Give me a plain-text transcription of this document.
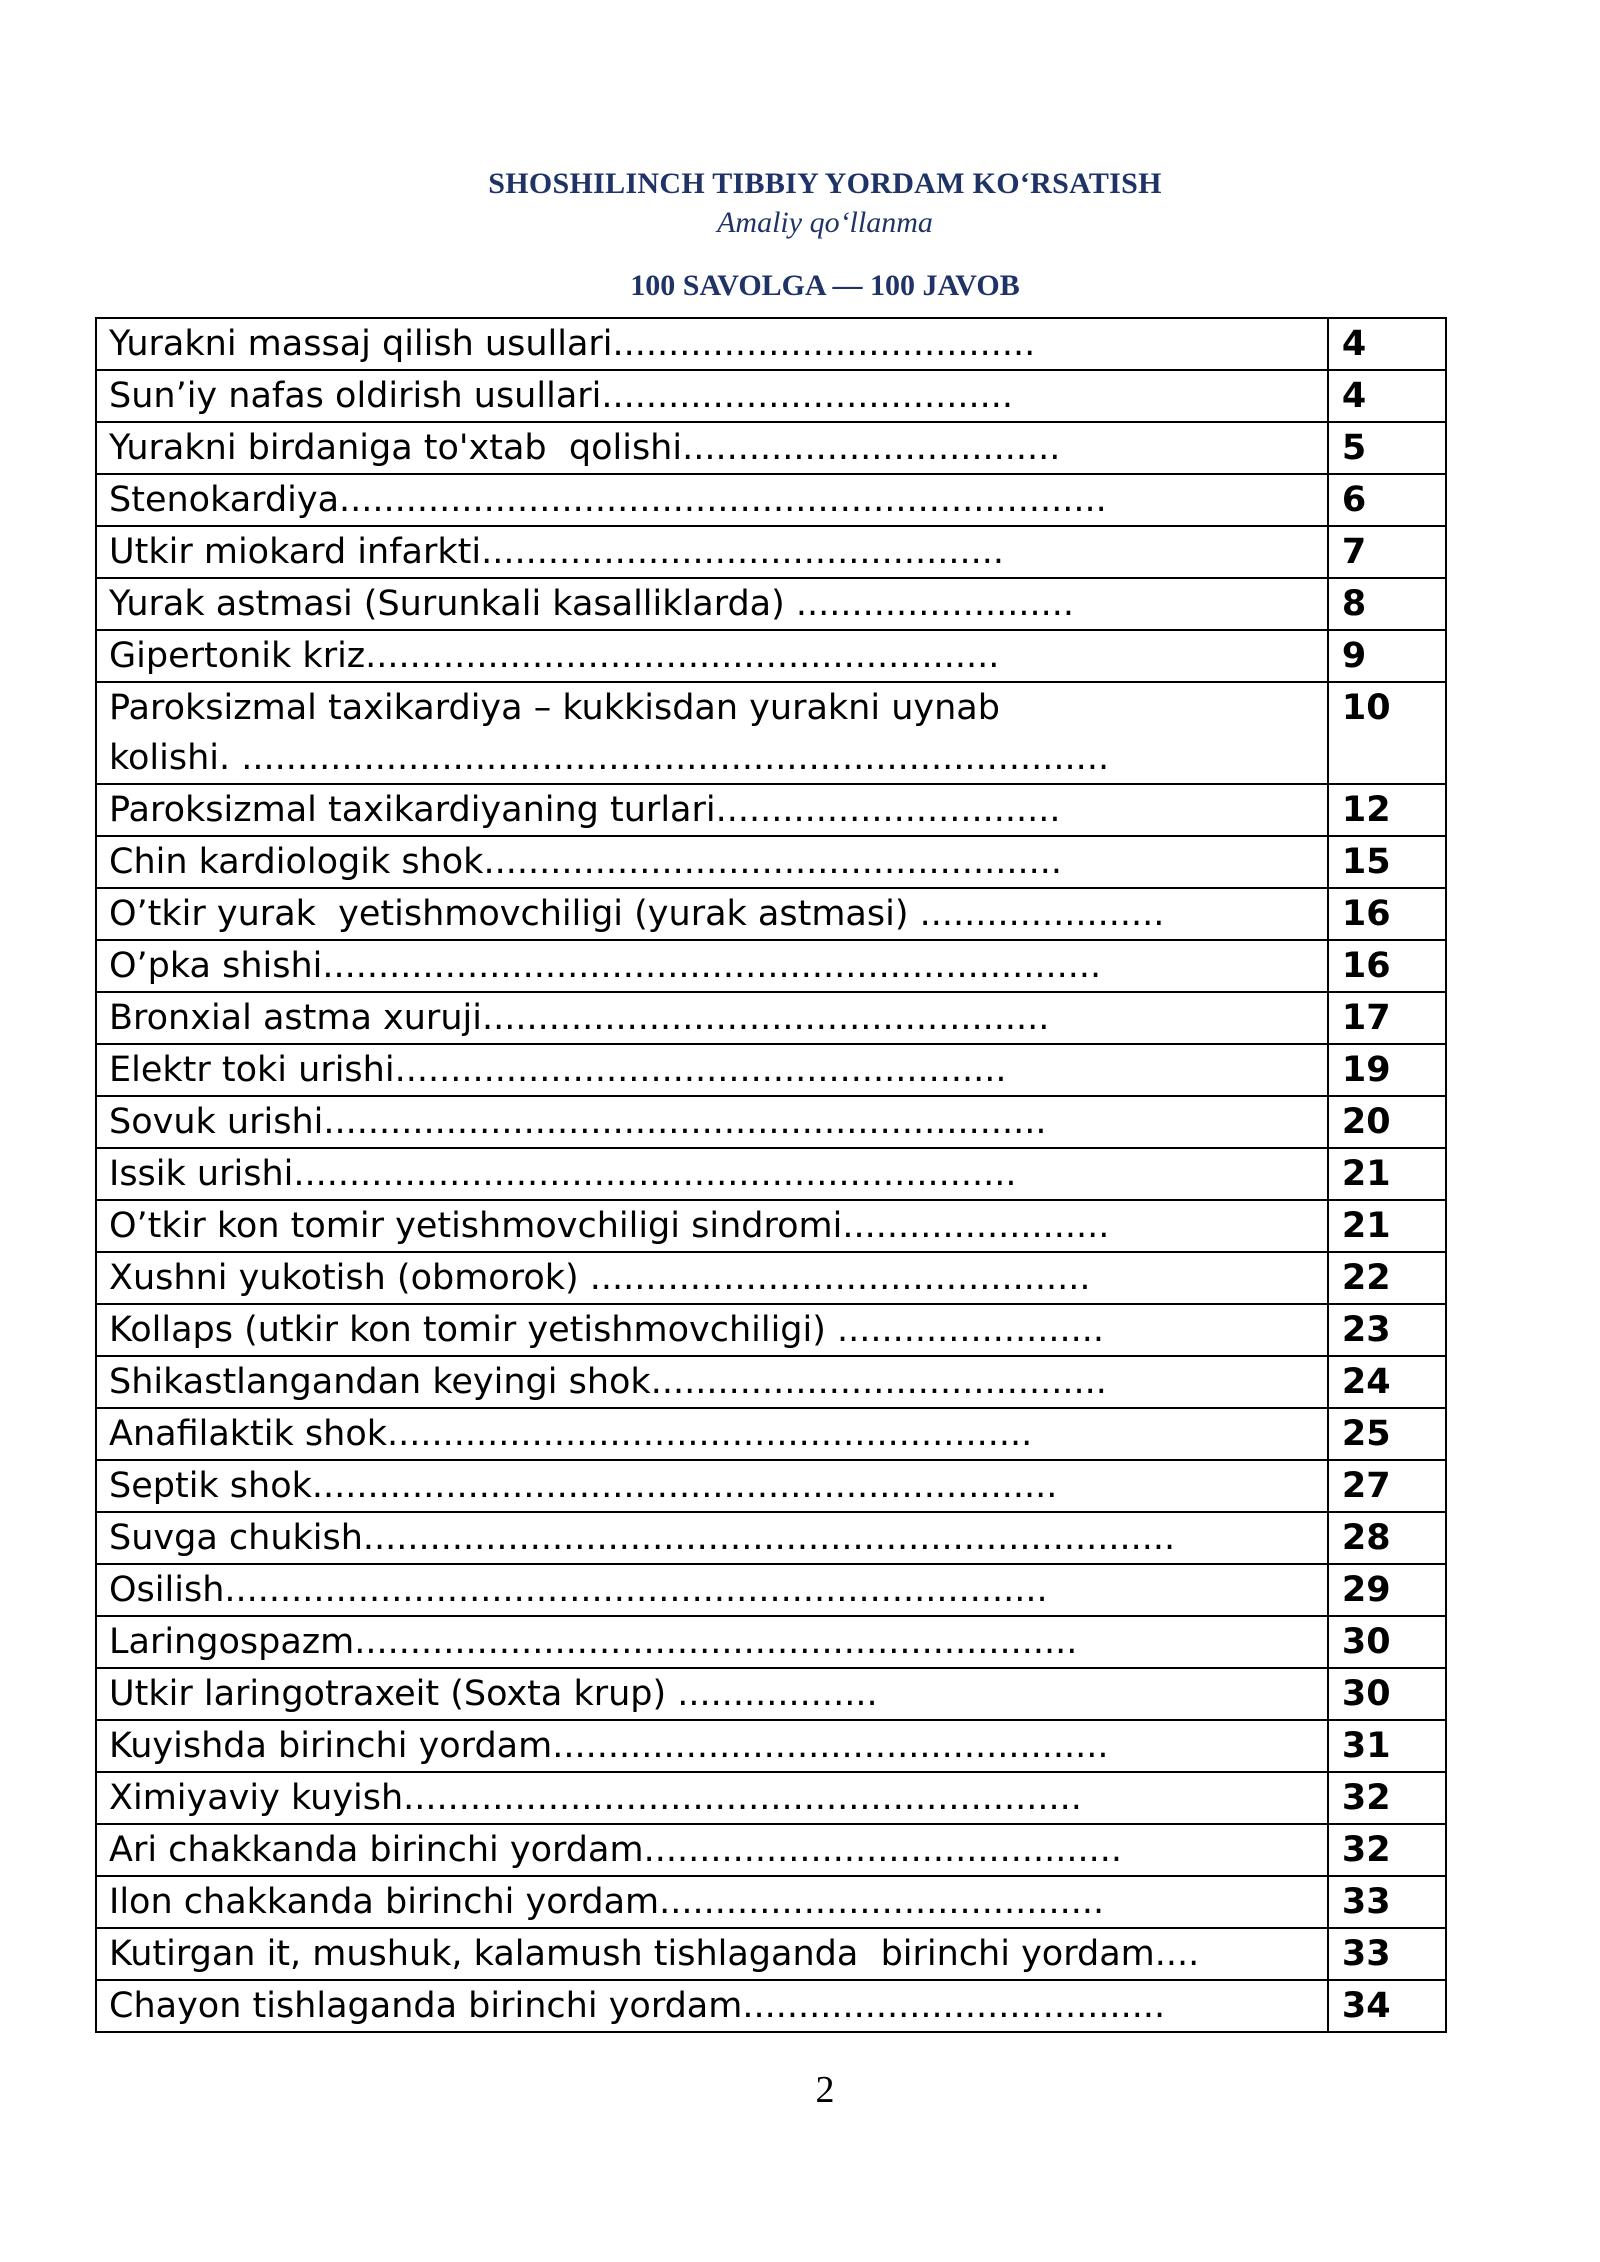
SHOSHILINCH TIBBIY YORDAM KO‘RSATISH
Amaliy qo‘llanma
100 SAVOLGA — 100 JAVOB
Yurakni massaj qilish usullari......................................	4
Sun’iy nafas oldirish usullari.....................................	4
Yurakni birdaniga to'xtab  qolishi..................................	5
Stenokardiya.....................................................................	6
Utkir miokard infarkti...............................................	7
Yurak astmasi (Surunkali kasalliklarda) .........................	8
Gipertonik kriz.........................................................	9
Paroksizmal taxikardiya – kukkisdan yurakni uynab
kolishi. ..............................................................................	10
Paroksizmal taxikardiyaning turlari...............................	12
Chin kardiologik shok....................................................	15
O’tkir yurak  yetishmovchiligi (yurak astmasi) ......................	16
O’pka shishi......................................................................	16
Bronxial astma xuruji...................................................	17
Elektr toki urishi.......................................................	19
Sovuk urishi.................................................................	20
Issik urishi.................................................................	21
O’tkir kon tomir yetishmovchiligi sindromi........................	21
Xushni yukotish (obmorok) .............................................	22
Kollaps (utkir kon tomir yetishmovchiligi) ........................	23
Shikastlangandan keyingi shok.........................................	24
Anafilaktik shok..........................................................	25
Septik shok...................................................................	27
Suvga chukish.........................................................................	28
Osilish..........................................................................	29
Laringospazm.................................................................	30
Utkir laringotraxeit (Soxta krup) ..................	30
Kuyishda birinchi yordam..................................................	31
Ximiyaviy kuyish.............................................................	32
Ari chakkanda birinchi yordam...........................................	32
Ilon chakkanda birinchi yordam........................................	33
Kutirgan it, mushuk, kalamush tishlaganda  birinchi yordam....	33
Chayon tishlaganda birinchi yordam......................................	34
2
